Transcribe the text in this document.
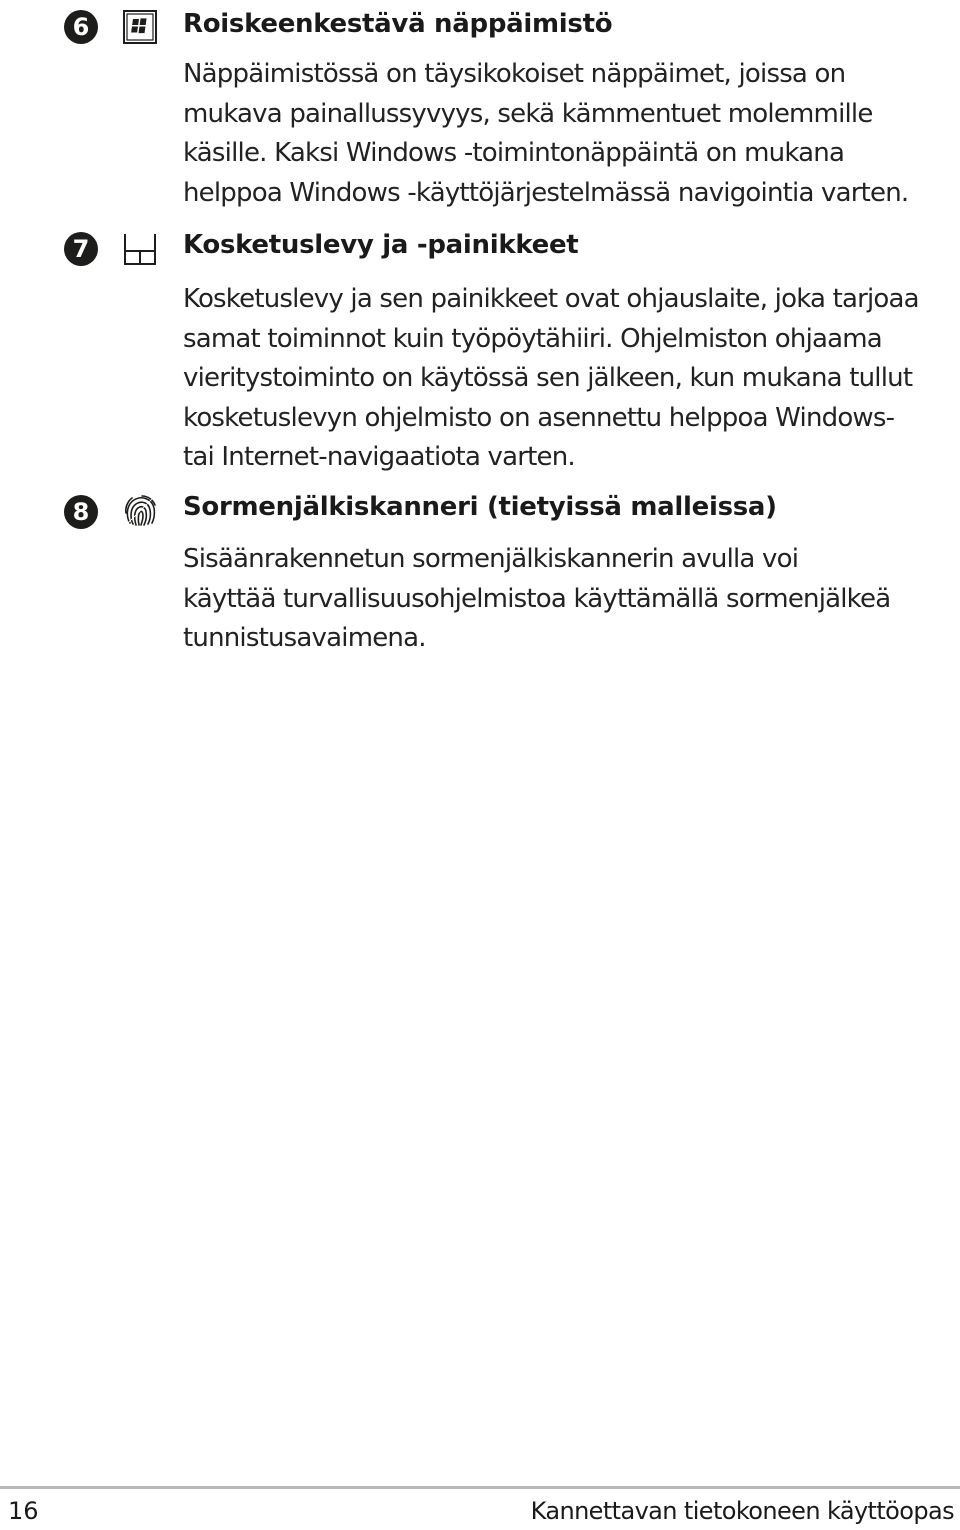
6	Roiskeenkestävä näppäimistö

Näppäimistössä on täysikokoiset näppäimet, joissa on
mukava painallussyvyys, sekä kämmentuet molemmille
käsille. Kaksi Windows -toimintonäppäintä on mukana
helppoa Windows -käyttöjärjestelmässä navigointia varten.

7	Kosketuslevy ja -painikkeet

Kosketuslevy ja sen painikkeet ovat ohjauslaite, joka tarjoaa
samat toiminnot kuin työpöytähiiri. Ohjelmiston ohjaama
vieritystoiminto on käytössä sen jälkeen, kun mukana tullut
kosketuslevyn ohjelmisto on asennettu helppoa Windows-
tai Internet-navigaatiota varten.

8	Sormenjälkiskanneri (tietyissä malleissa)

Sisäänrakennetun sormenjälkiskannerin avulla voi
käyttää turvallisuusohjelmistoa käyttämällä sormenjälkeä
tunnistusavaimena.

16	Kannettavan tietokoneen käyttöopas
